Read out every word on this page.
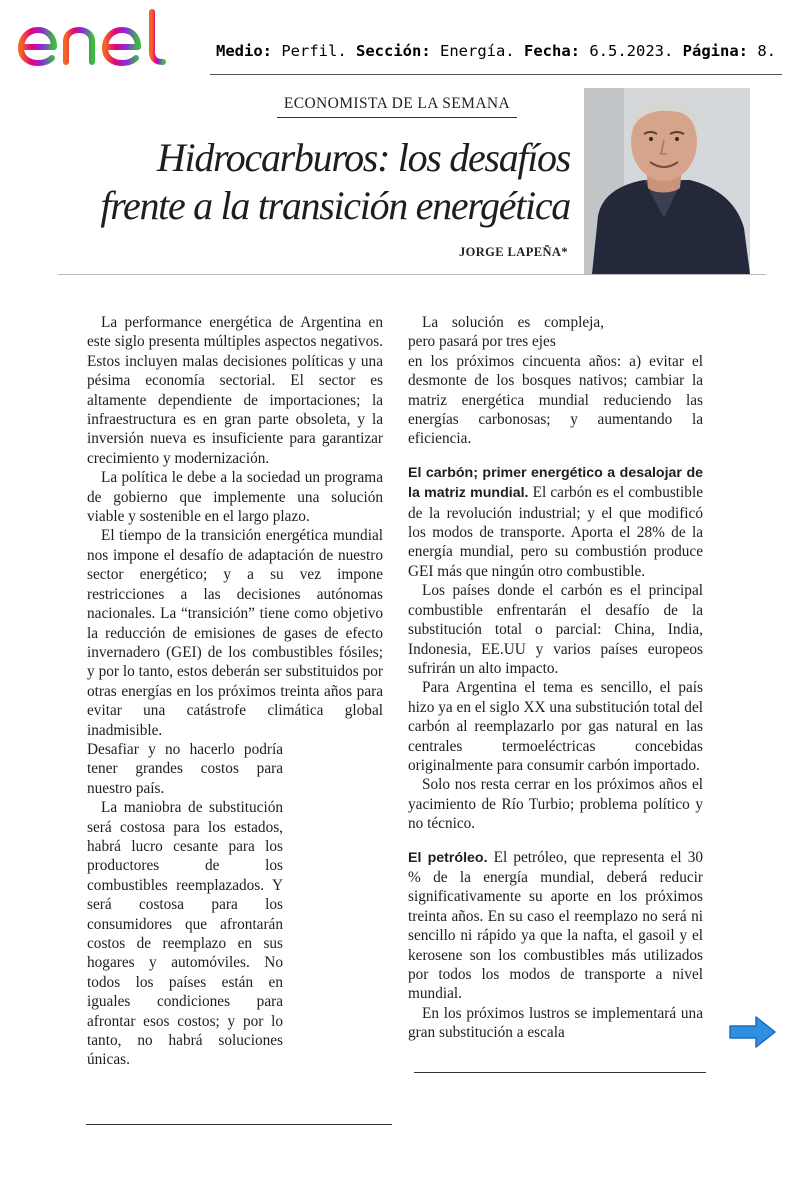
Medio: Perfil. Sección: Energía. Fecha: 6.5.2023. Página: 8.
ECONOMISTA DE LA SEMANA
Hidrocarburos: los desafíos
frente a la transición energética
JORGE LAPEÑA*

La performance energética de Argentina en este siglo presenta múltiples aspectos negativos. Estos incluyen malas decisiones políticas y una pésima economía sectorial. El sector es altamente dependiente de importaciones; la infraestructura es en gran parte obsoleta, y la inversión nueva es insuficiente para garantizar crecimiento y modernización.

La política le debe a la sociedad un programa de gobierno que implemente una solución viable y sostenible en el largo plazo.

El tiempo de la transición energética mundial nos impone el desafío de adaptación de nuestro sector energético; y a su vez impone restricciones a las decisiones autónomas nacionales. La “transición” tiene como objetivo la reducción de emisiones de gases de efecto invernadero (GEI) de los combustibles fósiles; y por lo tanto, estos deberán ser substituidos por otras energías en los próximos treinta años para evitar una catástrofe climática global inadmisible.

Desafiar y no hacerlo podría tener grandes costos para nuestro país.

La maniobra de substitución será costosa para los estados, habrá lucro cesante para los productores de los combustibles reemplazados. Y será costosa para los consumidores que afrontarán costos de reemplazo en sus hogares y automóviles. No todos los países están en iguales condiciones para afrontar esos costos; y por lo tanto, no habrá soluciones únicas.

La solución es compleja, pero pasará por tres ejes

en los próximos cincuenta años: a) evitar el desmonte de los bosques nativos; cambiar la matriz energética mundial reduciendo las energías carbonosas; y aumentando la eficiencia.

El carbón; primer energético a desalojar de la matriz mundial. El carbón es el combustible de la revolución industrial; y el que modificó los modos de transporte. Aporta el 28% de la energía mundial, pero su combustión produce GEI más que ningún otro combustible.

Los países donde el carbón es el principal combustible enfrentarán el desafío de la substitución total o parcial: China, India, Indonesia, EE.UU y varios países europeos sufrirán un alto impacto.

Para Argentina el tema es sencillo, el país hizo ya en el siglo XX una substitución total del carbón al reemplazarlo por gas natural en las centrales termoeléctricas concebidas originalmente para consumir carbón importado.

Solo nos resta cerrar en los próximos años el yacimiento de Río Turbio; problema político y no técnico.

El petróleo. El petróleo, que representa el 30 % de la energía mundial, deberá reducir significativamente su aporte en los próximos treinta años. En su caso el reemplazo no será ni sencillo ni rápido ya que la nafta, el gasoil y el kerosene son los combustibles más utilizados por todos los modos de transporte a nivel mundial.

En los próximos lustros se implementará una gran substitución a escala
